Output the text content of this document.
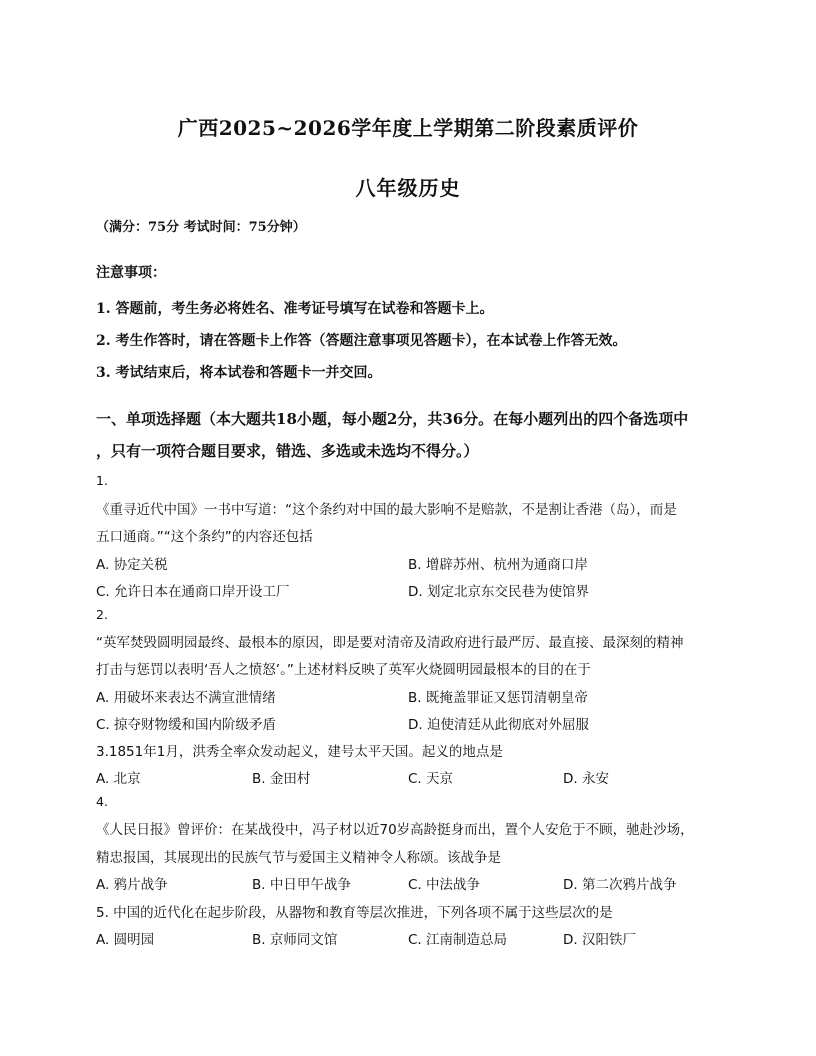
广西2025~2026学年度上学期第二阶段素质评价
八年级历史
（满分：75分 考试时间：75分钟）
注意事项：
1. 答题前，考生务必将姓名、准考证号填写在试卷和答题卡上。
2. 考生作答时，请在答题卡上作答（答题注意事项见答题卡），在本试卷上作答无效。
3. 考试结束后，将本试卷和答题卡一并交回。
一、单项选择题（本大题共18小题，每小题2分，共36分。在每小题列出的四个备选项中
，只有一项符合题目要求，错选、多选或未选均不得分。）
1.
《重寻近代中国》一书中写道：“这个条约对中国的最大影响不是赔款，不是割让香港（岛），而是
五口通商。”“这个条约”的内容还包括
A. 协定关税	B. 增辟苏州、杭州为通商口岸
C. 允许日本在通商口岸开设工厂	D. 划定北京东交民巷为使馆界
2.
“英军焚毁圆明园最终、最根本的原因，即是要对清帝及清政府进行最严厉、最直接、最深刻的精神
打击与惩罚以表明‘吾人之愤怒’。”上述材料反映了英军火烧圆明园最根本的目的在于
A. 用破坏来表达不满宣泄情绪	B. 既掩盖罪证又惩罚清朝皇帝
C. 掠夺财物缓和国内阶级矛盾	D. 迫使清廷从此彻底对外屈服
3.1851年1月，洪秀全率众发动起义，建号太平天国。起义的地点是
A. 北京	B. 金田村	C. 天京	D. 永安
4.
《人民日报》曾评价：在某战役中，冯子材以近70岁高龄挺身而出，置个人安危于不顾，驰赴沙场，
精忠报国，其展现出的民族气节与爱国主义精神令人称颂。该战争是
A. 鸦片战争	B. 中日甲午战争	C. 中法战争	D. 第二次鸦片战争
5. 中国的近代化在起步阶段，从器物和教育等层次推进，下列各项不属于这些层次的是
A. 圆明园	B. 京师同文馆	C. 江南制造总局	D. 汉阳铁厂
